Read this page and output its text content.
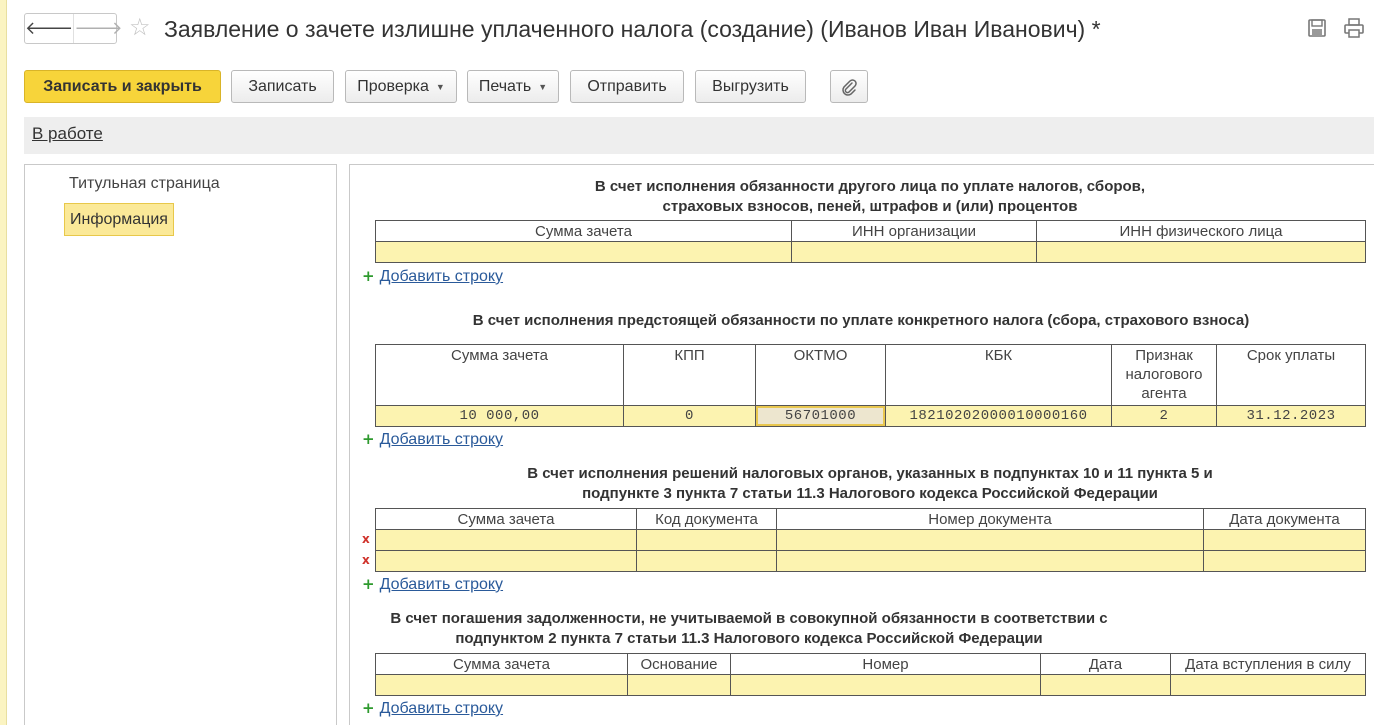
🡐 🡒 ☆ Заявление о зачете излишне уплаченного налога (создание) (Иванов Иван Иванович) *
Записать и закрыть	Записать	Проверка ▼ Печать ▼	Отправить	Выгрузить
В работе
Титульная страница
Информация
В счет исполнения обязанности другого лица по уплате налогов, сборов,
страховых взносов, пеней, штрафов и (или) процентов
Сумма зачета	ИНН организации	ИНН физического лица

+ Добавить строку
В счет исполнения предстоящей обязанности по уплате конкретного налога (сбора, страхового взноса)
Сумма зачета	КПП	ОКТМО	КБК	Признак налогового агента	Срок уплаты
10 000,00	0	56701000	18210202000010000160	2	31.12.2023
+ Добавить строку
В счет исполнения решений налоговых органов, указанных в подпунктах 10 и 11 пункта 5 и
подпункте 3 пункта 7 статьи 11.3 Налогового кодекса Российской Федерации
Сумма зачета	Код документа	Номер документа	Дата документа

x
x
+ Добавить строку
В счет погашения задолженности, не учитываемой в совокупной обязанности в соответствии с
подпунктом 2 пункта 7 статьи 11.3 Налогового кодекса Российской Федерации
Сумма зачета	Основание	Номер	Дата	Дата вступления в силу

+ Добавить строку
